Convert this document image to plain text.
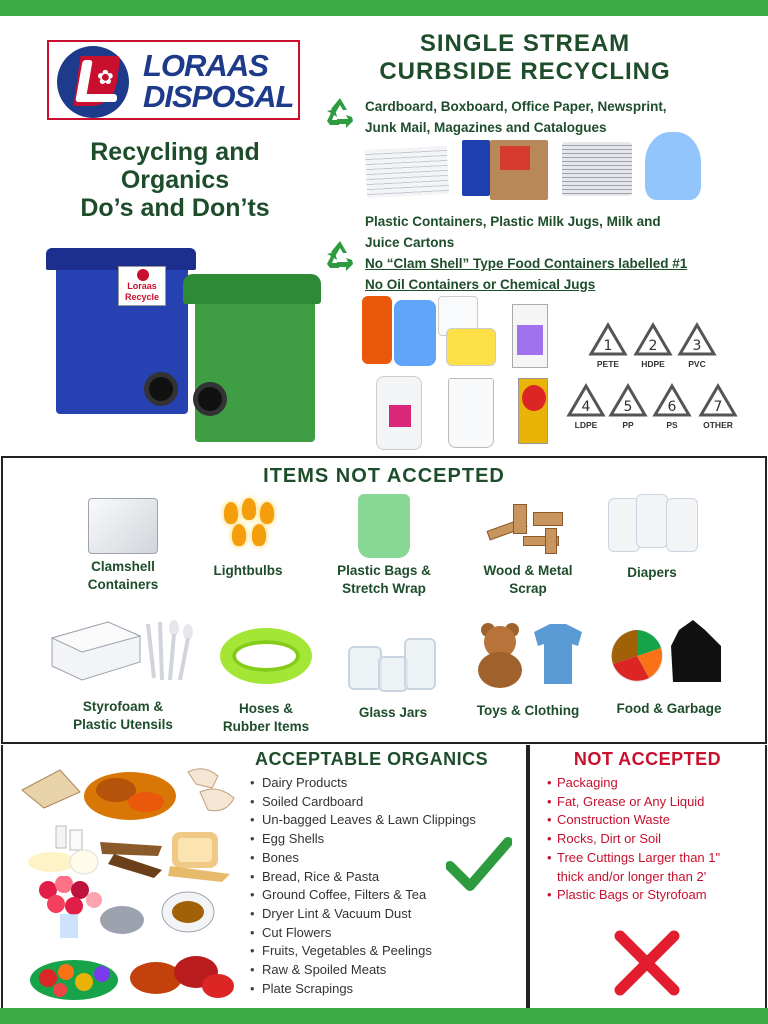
✿ LORAAS
DISPOSAL
Recycling and
Organics
Do’s and Don’ts
Loraas
Recycle
SINGLE STREAM
CURBSIDE RECYCLING
Cardboard, Boxboard, Office Paper, Newsprint,
Junk Mail, Magazines and Catalogues
Plastic Containers, Plastic Milk Jugs, Milk and
Juice Cartons
No “Clam Shell” Type Food Containers labelled #1
No Oil Containers or Chemical Jugs
1
PETE
2
HDPE
3
PVC
4
LDPE
5
PP
6
PS
7
OTHER
ITEMS NOT ACCEPTED
Clamshell
Containers
Lightbulbs	Plastic Bags &
Stretch Wrap
Wood & Metal
Scrap
Diapers
Styrofoam &
Plastic Utensils
Hoses &
Rubber Items
Glass Jars	Toys & Clothing	Food & Garbage
ACCEPTABLE ORGANICS	NOT ACCEPTED
• Dairy Products
• Soiled Cardboard
• Un-bagged Leaves & Lawn Clippings
• Egg Shells
• Bones
• Bread, Rice & Pasta
• Ground Coffee, Filters & Tea
• Dryer Lint & Vacuum Dust
• Cut Flowers
• Fruits, Vegetables & Peelings
• Raw & Spoiled Meats
• Plate Scrapings
• Packaging
• Fat, Grease or Any Liquid
• Construction Waste
• Rocks, Dirt or Soil
• Tree Cuttings Larger than 1"
thick and/or longer than 2'
• Plastic Bags or Styrofoam
